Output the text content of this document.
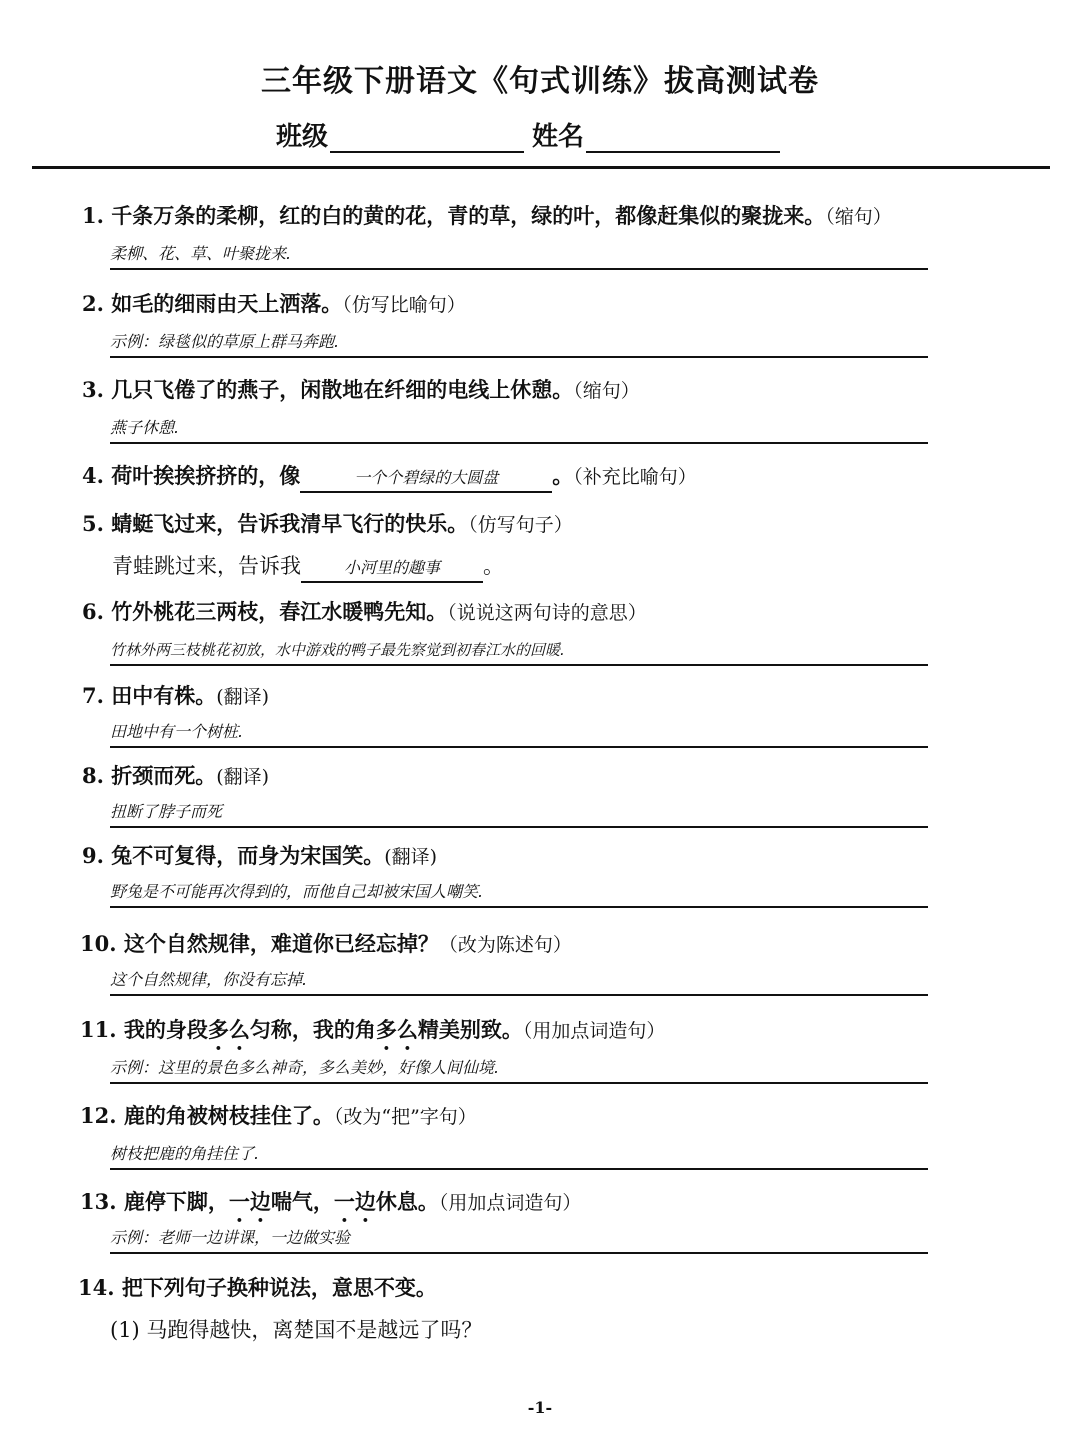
三年级下册语文《句式训练》拔高测试卷
班级	姓名
1. 千条万条的柔柳，红的白的黄的花，青的草，绿的叶，都像赶集似的聚拢来。（缩句）
柔柳、花、草、叶聚拢来.
2. 如毛的细雨由天上洒落。（仿写比喻句）
示例：绿毯似的草原上群马奔跑.
3. 几只飞倦了的燕子，闲散地在纤细的电线上休憩。（缩句）
燕子休憩.
4. 荷叶挨挨挤挤的，像	一个个碧绿的大圆盘	。（补充比喻句）
5. 蜻蜓飞过来，告诉我清早飞行的快乐。（仿写句子）
青蛙跳过来，告诉我	小河里的趣事 。
6. 竹外桃花三两枝，春江水暖鸭先知。（说说这两句诗的意思）
竹林外两三枝桃花初放，水中游戏的鸭子最先察觉到初春江水的回暖.
7. 田中有株。(翻译)
田地中有一个树桩.
8. 折颈而死。(翻译)
扭断了脖子而死
9. 兔不可复得，而身为宋国笑。(翻译)
野兔是不可能再次得到的，而他自己却被宋国人嘲笑.
10. 这个自然规律，难道你已经忘掉？（改为陈述句）
这个自然规律，你没有忘掉.
11. 我的身段多么匀称，我的角多么精美别致。（用加点词造句）
示例：这里的景色多么神奇，多么美妙，好像人间仙境.
12. 鹿的角被树枝挂住了。（改为“把”字句）
树枝把鹿的角挂住了.
13. 鹿停下脚，一边喘气，一边休息。（用加点词造句）
示例：老师一边讲课，一边做实验
14. 把下列句子换种说法，意思不变。
(1) 马跑得越快，离楚国不是越远了吗？
-1-
